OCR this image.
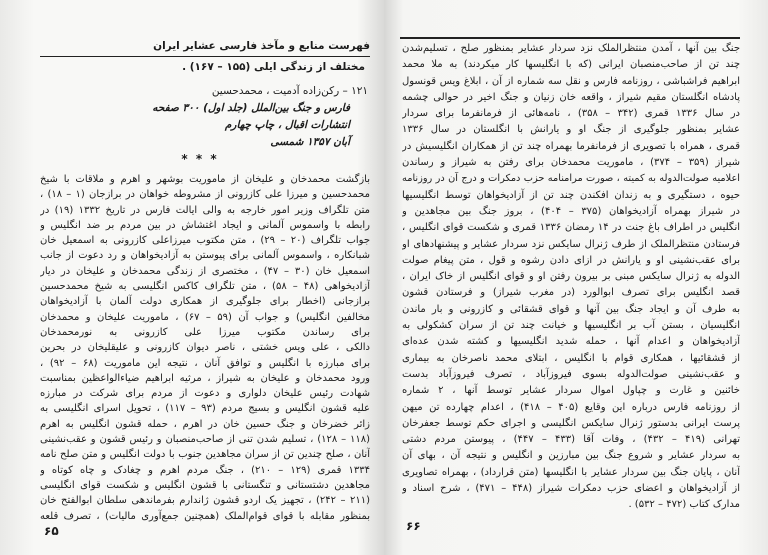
فهرست منابع و مآخذ فارسی عشایر ایران
مختلف از زندگی ایلی (۱۵۵ – ۱۶۷) .
۱۲۱ – رکن‌زاده آدمیت ، محمدحسین
فارس و جنگ بین‌الملل (جلد اول) ۳۰۰ صفحه
انتشارات اقبال ، چاپ چهارم
آبان ۱۳۵۷ شمسی
* * *
بازگشت محمدخان و علیخان از ماموریت بوشهر و اهرم و ملاقات با شیخ
محمدحسین و میرزا علی کازرونی از مشروطه خواهان در برازجان (۱ – ۱۸) ،
متن تلگراف وزیر امور خارجه به والی ایالت فارس در تاریخ ۱۳۳۲ (۱۹) در
رابطه با واسموس آلمانی و ایجاد اغتشاش در بین مردم بر ضد انگلیس و
جواب تلگراف (۲۰ – ۲۹) ، متن مکتوب میرزاعلی کازرونی به اسمعیل خان
شبانکاره ، واسموس آلمانی برای پیوستن به آزادیخواهان و رد دعوت از جانب
اسمعیل خان (۳۰ – ۴۷) ، مختصری از زندگی محمدخان و علیخان در دیار
آزادیخواهی (۴۸ – ۵۸) ، متن تلگراف کاکس انگلیسی به شیخ محمدحسین
برازجانی (اخطار برای جلوگیری از همکاری دولت آلمان با آزادیخواهان
مخالفین انگلیس) و جواب آن (۵۹ – ۶۷) ، ماموریت علیخان و محمدخان
برای رساندن مکتوب میرزا علی کازرونی به نورمحمدخان
دالکی ، علی ویس خشتی ، ناصر دیوان کازرونی و علیقلیخان در بحرین
برای مبارزه با انگلیس و توافق آنان ، نتیجه این ماموریت (۶۸ – ۹۲) ،
ورود محمدخان و علیخان به شیراز ، مرثیه ابراهیم ضیاءالواعظین بمناسبت
شهادت رئیس علیخان دلواری و دعوت از مردم برای شرکت در مبارزه
علیه قشون انگلیس و بسیج مردم (۹۳ – ۱۱۷) ، تحویل اسرای انگلیسی به
زائر خضرخان و جنگ حسین خان در اهرم ، حمله قشون انگلیس به اهرم
(۱۱۸ – ۱۲۸) ، تسلیم شدن تنی از صاحب‌منصبان و رئیس قشون و عقب‌نشینی
آنان ، صلح چندین تن از سران مجاهدین جنوب با دولت انگلیس و متن صلح نامه
۱۳۳۴ قمری (۱۲۹ – ۲۱۰) ، جنگ مردم اهرم و چغادک و چاه کوتاه و
مجاهدین دشتستانی و تنگستانی با قشون انگلیس و شکست قوای انگلیسی
(۲۱۱ – ۲۴۲) ، تجهیز یک اردو قشون ژاندارم بفرماندهی سلطان ابوالفتح خان
بمنظور مقابله با قوای قوام‌الملک (همچنین جمع‌آوری مالیات) ، تصرف قلعه
۶۵
جنگ بین آنها ، آمدن منتظرالملک نزد سردار عشایر بمنظور صلح ، تسلیم‌شدن
چند تن از صاحب‌منصبان ایرانی (که با انگلیسها کار میکردند) به ملا محمد
ابراهیم فراشباشی ، روزنامه فارس و نقل سه شماره از آن ، ابلاغ ویس قونسول
پادشاه انگلستان مقیم شیراز ، واقعه خان زنیان و جنگ اخیر در حوالی چشمه
در سال ۱۳۳۶ قمری (۳۴۲ – ۳۵۸) ، نامه‌هائی از فرمانفرما برای سردار
عشایر بمنظور جلوگیری از جنگ او و یارانش با انگلستان در سال ۱۳۳۶
قمری ، همراه با تصویری از فرمانفرما بهمراه چند تن از همکاران انگلیسیش در
شیراز (۳۵۹ – ۳۷۴) ، ماموریت محمدخان برای رفتن به شیراز و رساندن
اعلامیه صولت‌الدوله به کمیته ، صورت مرامنامه حزب دمکرات و درج آن در روزنامه
حیوه ، دستگیری و به زندان افکندن چند تن از آزادیخواهان توسط انگلیسیها
در شیراز بهمراه آزادیخواهان (۳۷۵ – ۴۰۴) ، بروز جنگ بین مجاهدین و
انگلیس در اطراف باغ جنت در ۱۴ رمضان ۱۳۳۶ قمری و شکست قوای انگلیس ،
فرستادن منتظرالملک از طرف ژنرال سایکس نزد سردار عشایر و پیشنهادهای او
برای عقب‌نشینی او و یارانش در ازای دادن رشوه و قول ، متن پیغام صولت
الدوله به ژنرال سایکس مبنی بر بیرون رفتن او و قوای انگلیس از خاک ایران ،
قصد انگلیس برای تصرف ابوالورد (در مغرب شیراز) و فرستادن قشون
به طرف آن و ایجاد جنگ بین آنها و قوای قشقائی و کازرونی و بار ماندن
انگلیسیان ، بستن آب بر انگلیسیها و خیانت چند تن از سران کشکولی به
آزادیخواهان و اعدام آنها ، حمله شدید انگلیسیها و کشته شدن عده‌ای
از قشقائیها ، همکاری قوام با انگلیس ، ابتلای محمد ناصرخان به بیماری
و عقب‌نشینی صولت‌الدوله بسوی فیروزآباد ، تصرف فیروزآباد بدست
خائنین و غارت و چپاول اموال سردار عشایر توسط آنها ، ۲ شماره
از روزنامه فارس درباره این وقایع (۴۰۵ – ۴۱۸) ، اعدام چهارده تن میهن
پرست ایرانی بدستور ژنرال سایکس انگلیسی و اجرای حکم توسط جعفرخان
تهرانی (۴۱۹ – ۴۳۲) ، وفات آقا (۴۳۳ – ۴۴۷) ، پیوستن مردم دشتی
به سردار عشایر و شروع جنگ بین مبارزین و انگلیس و نتیجه آن ، بهای آن
آنان ، پایان جنگ بین سردار عشایر با انگلیسها (متن قرارداد) ، بهمراه تصاویری
از آزادیخواهان و اعضای حزب دمکرات شیراز (۴۴۸ – ۴۷۱) ، شرح اسناد و
مدارک کتاب (۴۷۲ – ۵۳۲) .
۶۶
